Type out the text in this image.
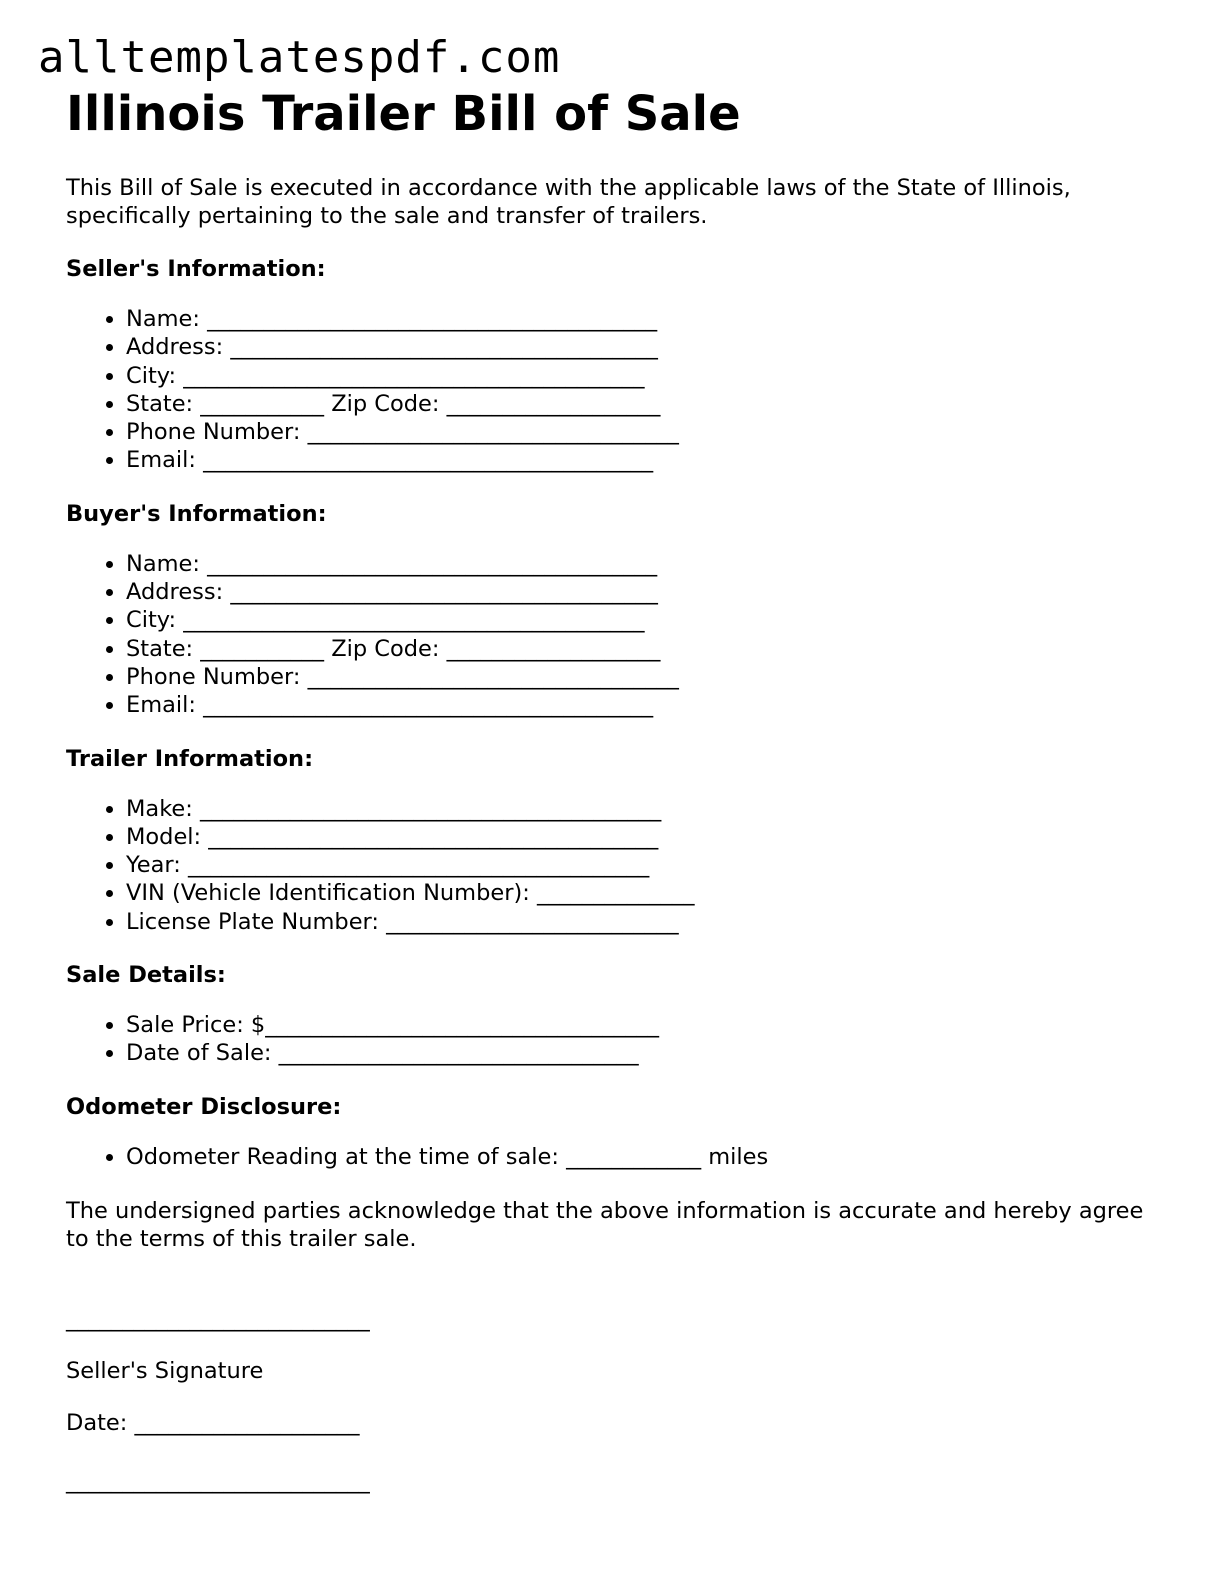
alltemplatespdf.com
Illinois Trailer Bill of Sale
This Bill of Sale is executed in accordance with the applicable laws of the State of Illinois, specifically pertaining to the sale and transfer of trailers.
Seller's Information:
• Name: ________________________________________
• Address: ______________________________________
• City: _________________________________________
• State: ___________ Zip Code: ___________________
• Phone Number: _________________________________
• Email: ________________________________________
Buyer's Information:
• Name: ________________________________________
• Address: ______________________________________
• City: _________________________________________
• State: ___________ Zip Code: ___________________
• Phone Number: _________________________________
• Email: ________________________________________
Trailer Information:
• Make: _________________________________________
• Model: ________________________________________
• Year: _________________________________________
• VIN (Vehicle Identification Number): ______________
• License Plate Number: __________________________
Sale Details:
• Sale Price: $___________________________________
• Date of Sale: ________________________________
Odometer Disclosure:
• Odometer Reading at the time of sale: ____________ miles
The undersigned parties acknowledge that the above information is accurate and hereby agree to the terms of this trailer sale.
___________________________
Seller's Signature
Date: ____________________
___________________________
